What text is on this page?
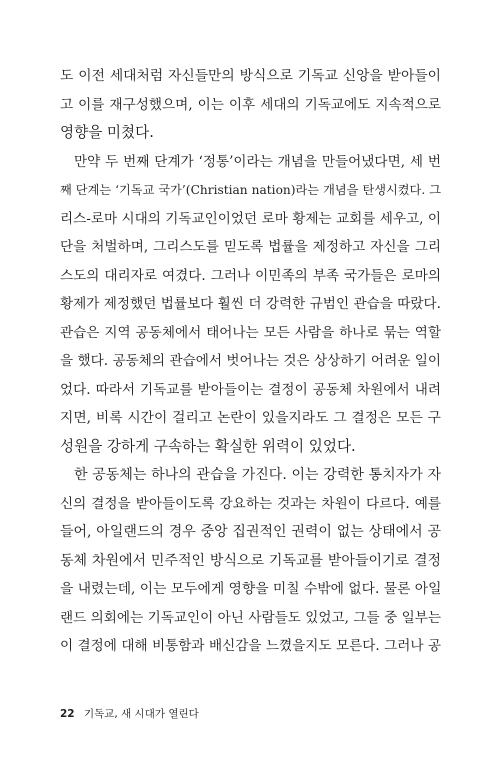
도 이전 세대처럼 자신들만의 방식으로 기독교 신앙을 받아들이
고 이를 재구성했으며, 이는 이후 세대의 기독교에도 지속적으로
영향을 미쳤다.
만약 두 번째 단계가 ‘정통’이라는 개념을 만들어냈다면, 세 번
째 단계는 ‘기독교 국가’(Christian nation)라는 개념을 탄생시켰다. 그
리스-로마 시대의 기독교인이었던 로마 황제는 교회를 세우고, 이
단을 처벌하며, 그리스도를 믿도록 법률을 제정하고 자신을 그리
스도의 대리자로 여겼다. 그러나 이민족의 부족 국가들은 로마의
황제가 제정했던 법률보다 훨씬 더 강력한 규범인 관습을 따랐다.
관습은 지역 공동체에서 태어나는 모든 사람을 하나로 묶는 역할
을 했다. 공동체의 관습에서 벗어나는 것은 상상하기 어려운 일이
었다. 따라서 기독교를 받아들이는 결정이 공동체 차원에서 내려
지면, 비록 시간이 걸리고 논란이 있을지라도 그 결정은 모든 구
성원을 강하게 구속하는 확실한 위력이 있었다.
한 공동체는 하나의 관습을 가진다. 이는 강력한 통치자가 자
신의 결정을 받아들이도록 강요하는 것과는 차원이 다르다. 예를
들어, 아일랜드의 경우 중앙 집권적인 권력이 없는 상태에서 공
동체 차원에서 민주적인 방식으로 기독교를 받아들이기로 결정
을 내렸는데, 이는 모두에게 영향을 미칠 수밖에 없다. 물론 아일
랜드 의회에는 기독교인이 아닌 사람들도 있었고, 그들 중 일부는
이 결정에 대해 비통함과 배신감을 느꼈을지도 모른다. 그러나 공
22 기독교, 새 시대가 열린다
